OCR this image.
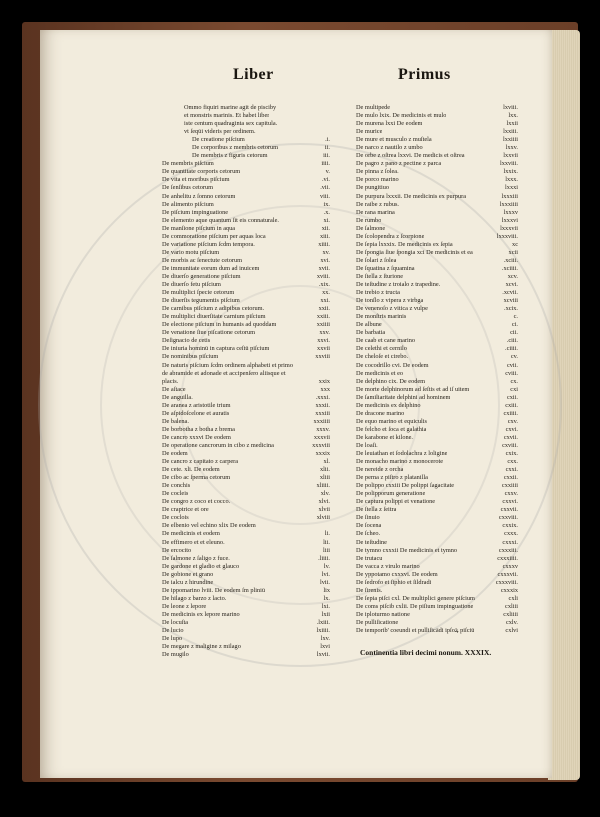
Liber	Primus
Ommo fiquiri marine agit de pisciby
et monstris marinis. Et habet liber
iste centum quadraginta sex capitula.
vt ſeqūi videris per ordinem.
De creatione piſcium	.i.
De corporibus z membris cetorum	ii.
De membris z figuris cetorum	iii.
De membris piſcium	iiii.
De quantitate corporis cetorum	v.
De vita et moribus piſcium	.vi.
De ſenſibus cetorum	.vii.
De anhelitu z ſomno cetorum	viii.
De alimento piſcium	ix.
De piſcium impinguatione	.x.
De elemento aque quantum ſit eis connaturale.	xi.
De manſione piſcium in aqua	xii.
De commoratione piſcium per aquas loca	xiii.
De variatione piſcium ſcdm tempora.	xiiii.
De vario motu piſcium	xv.
De morbis ac ſenectute cetorum	xvi.
De immunitate eorum dum ad inuicem	xvii.
De diuerſo generatione piſcium	xviii.
De diuerſo fetu piſcium	.xix.
De multiplici ſpecie cetorum	xx.
De diuerſis tegumentis piſcium	xxi.
De carnibus piſcium z adipibus cetorum.	xxii.
De multiplici diuerſitate carnium piſcium	xxiii.
De electione piſcium in humanis ad quoddam	xxiiii
De venatione ſiue piſcatione cetorum	xxv.
Deſignacio de cetis	xxvi.
De iniuria hominū in captura ceſtū piſcium	xxvii
De nominibus piſcium	xxviii
De naturis piſcium ſcdm ordinem alphabeti et primo
de abramide et adonade et accipenſero aliisque et
placis.	xxix
De aſtace	xxx
De anguilla.	.xxxi.
De aranea z aristotile trium	xxxii.
De aſpidoſcelone et auratis	xxxiii
De balena.	xxxiiii
De borbotha z botha z brema	xxxv.
De cancro xxxvi De eodem	xxxvii
De operatione cancrorum in cibo z medicina	xxxviii
De eodem	xxxix
De cancro z capitato z carpera	xl.
De cete. xli. De eodem	xlii.
De cibo ac ſperma cetorum	xliii
De conchis	xliiii.
De cocleis	xlv.
De congro z coco et cocco.	xlvi.
De craptrice et ore	xlvii
De coclois	xlviii
De elbenio vel echino xlix De eodem
De medicinis et eodem	li.
De effimero et et eleuno.	lii.
De ercocito	liii
De ſalmone z ſaligo z fuce.	.liiii.
De gardone et gladio et glauco	lv.
De gobione et grano	lvi.
De ialcu z hirundine	lvii.
De ippomarino lviii. De eodem ſm pliniū	lix
De hilago z barzo z lacto.	lx.
De leone z lepore	lxi.
De medicinis ex lepore marino	lxii
De locuſta	.lxiii.
De lucio	lxiiii.
De lupo	lxv.
De megare z maligine z milago	lxvi
De mugilo	lxvii.
De multipede	lxviii.
De mulo lxix. De medicinis et mulo	lxx.
De murena lxxi De eodem	lxxii
De murice	lxxiii.
De mure et musculo z muſtela	lxxiiii
De narco z nautilo z umbo	lxxv.
De orbe z oſtrea lxxvi. De medicis et oſtrea	lxxvii
De pagro z pano z pectine z parca	lxxviii.
De pinna z ſolea.	lxxix.
De porco marino	lxxx.
De pungitiuo	lxxxi
De purpura lxxxii. De medicinis ex purpura	lxxxiii
De raibe z rubus.	lxxxiiii
De rana marina	lxxxv
De rumbo	lxxxvi
De ſalmone	lxxxvii
De ſcolopendra z ſcorpione	lxxxviii.
De ſepia lxxxix. De medicinis ex ſepia	xc
De ſpongia ſiue ſpongia xci De medicinis et ea	xcii
De ſolari z ſolea	.xciii.
De ſquatina z ſquamina	.xciiii.
De ſtella z ſturione	xcv.
De teſtudine z troialo z trapedine.	xcvi.
De trebio z tructa	.xcvii.
De tonſlo z vipera z virbga	xcviii
De venenoſo z vitica z vulpe	.xcix.
De monſtris marinis	c.
De albune	ci.
De barbatia	cii.
De caab et cane marino	.ciii.
De celethi et cernilo	.ciiii.
De cheloſe et cirebo.	cv.
De cocodrillo cvi. De eodem	cvii.
De medicinis et eo	cviii.
De delphino cix. De eodem	cx.
De morte delphinorum ad ſeſtis et ad iſ uitem	cxi
De ſamiliaritate delphini ad hominem	cxii.
De medicinis ex delphino	cxiii.
De dracone marino	cxiiii.
De equo marino et equiculis	cxv.
De felcho et ſoca et galathia	cxvi.
De karabone et kilone.	cxvii.
De loaſi.	cxviii.
De leuiathan et ſodolachra z loligine	cxix.
De monacho marino z monocerote	cxx.
De nereide z orcha	cxxi.
De perna z piſtro z platanilla	cxxii.
De polippo cxxiii De polippi ſagacitate	cxxiiii
De polipporum generatione	cxxv.
De captura polippi et venatione	cxxvi.
De ſtella z ſeitra	cxxvii.
De ſinuio	cxxviii.
De ſocena	cxxix.
De ſcheo.	cxxx.
De teſtudine	cxxxi.
De tymno cxxxii De medicinis et tymno	cxxxiii.
De trutacu	cxxxiiii.
De vacca z virulo marino	cxxxv
De yppotamo cxxxvi. De eodem	cxxxvii.
De ſedrofo et ſiphio et ſildradi	cxxxviii.
De ſirenis.	cxxxix
De ſepia piſci cxl. De multiplici genere piſcium	cxli
De coms piſcib cxlii. De piſium impinguatione	cxliii
De iploturmo natione	cxliiii
De pulliſicatione	cxlv.
De temporib' coeundi et pulliſicādi ipſoꝝ piſciū	cxlvi
Continentia libri decimi nonum. XXXIX.
